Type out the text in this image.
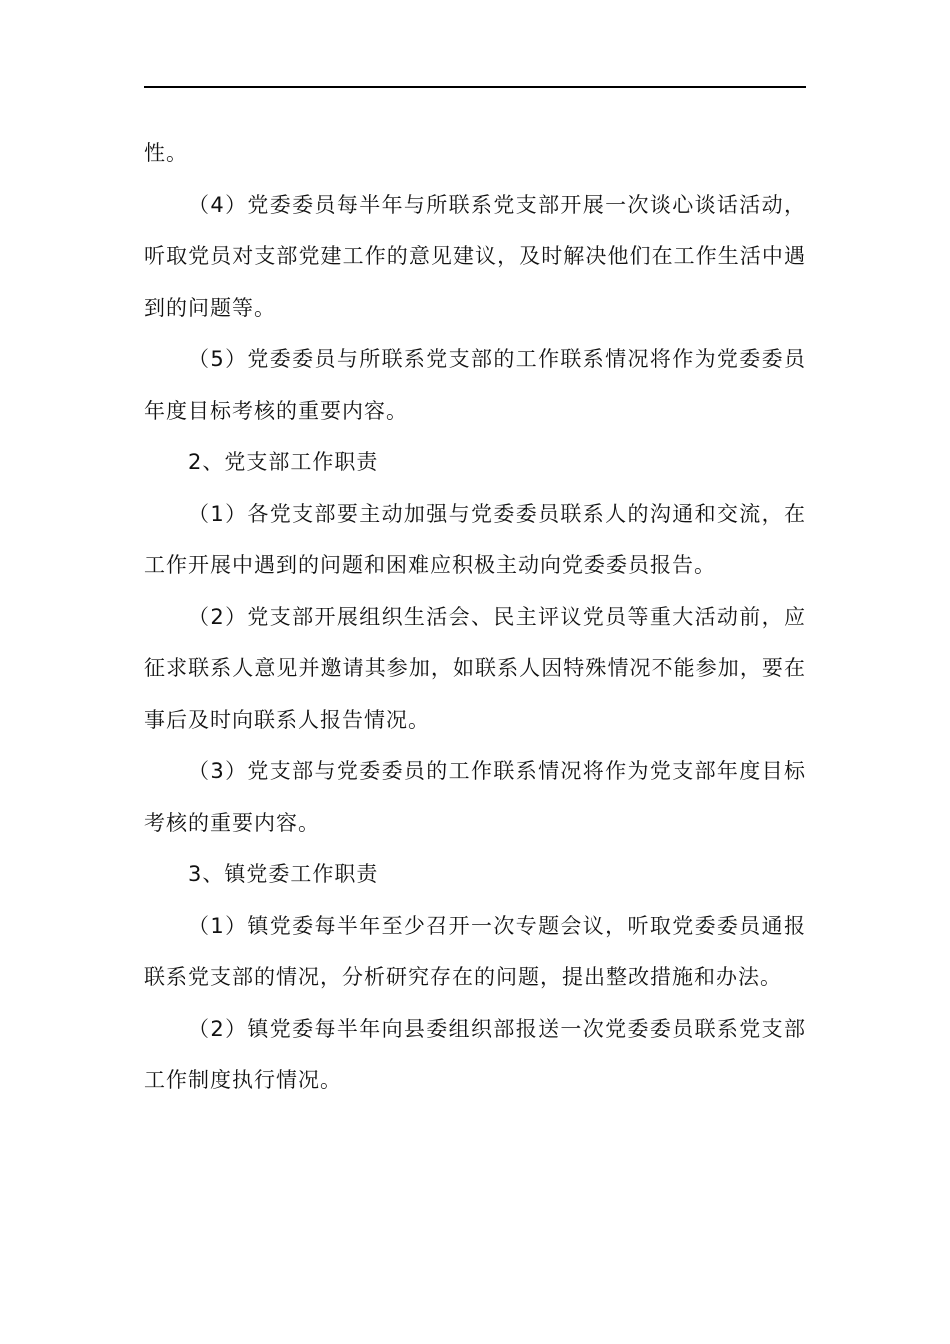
性。

（4）党委委员每半年与所联系党支部开展一次谈心谈话活动，听取党员对支部党建工作的意见建议，及时解决他们在工作生活中遇到的问题等。

（5）党委委员与所联系党支部的工作联系情况将作为党委委员年度目标考核的重要内容。

2、党支部工作职责

（1）各党支部要主动加强与党委委员联系人的沟通和交流，在工作开展中遇到的问题和困难应积极主动向党委委员报告。

（2）党支部开展组织生活会、民主评议党员等重大活动前，应征求联系人意见并邀请其参加，如联系人因特殊情况不能参加，要在事后及时向联系人报告情况。

（3）党支部与党委委员的工作联系情况将作为党支部年度目标考核的重要内容。

3、镇党委工作职责

（1）镇党委每半年至少召开一次专题会议，听取党委委员通报联系党支部的情况，分析研究存在的问题，提出整改措施和办法。

（2）镇党委每半年向县委组织部报送一次党委委员联系党支部工作制度执行情况。
